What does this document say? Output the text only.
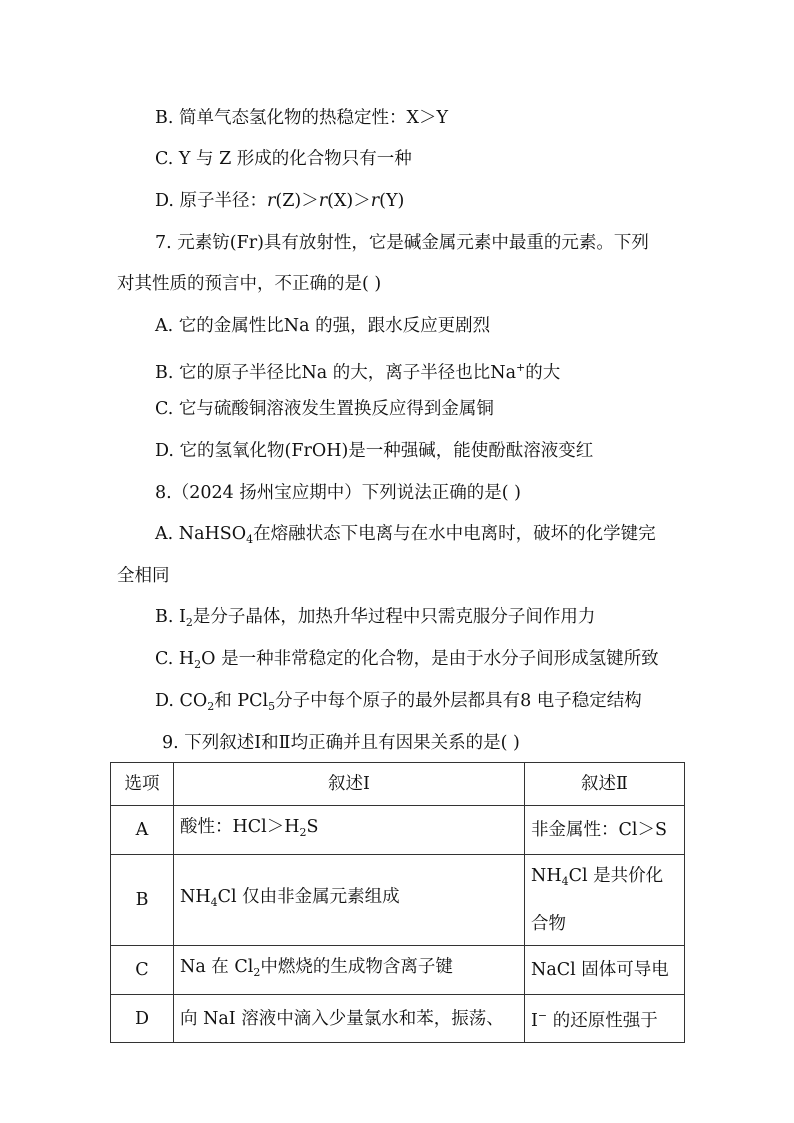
B. 简单气态氢化物的热稳定性：X＞Y
C. Y 与 Z 形成的化合物只有一种
D. 原子半径：r(Z)＞r(X)＞r(Y)
7. 元素钫(Fr)具有放射性，它是碱金属元素中最重的元素。下列
对其性质的预言中，不正确的是( )
A. 它的金属性比Na 的强，跟水反应更剧烈
B. 它的原子半径比Na 的大，离子半径也比Na+的大
C. 它与硫酸铜溶液发生置换反应得到金属铜
D. 它的氢氧化物(FrOH)是一种强碱，能使酚酞溶液变红
8.（2024 扬州宝应期中）下列说法正确的是( )
A. NaHSO$_4$在熔融状态下电离与在水中电离时，破坏的化学键完
全相同
B. $I_2$是分子晶体，加热升华过程中只需克服分子间作用力
C. $H_2O$ 是一种非常稳定的化合物，是由于水分子间形成氢键所致
D. $CO_2$和 PCl$_5$分子中每个原子的最外层都具有8 电子稳定结构
9. 下列叙述Ⅰ和Ⅱ均正确并且有因果关系的是( )
选项	叙述Ⅰ	叙述Ⅱ
A	酸性：$HCl>H_2S$	非金属性：Cl＞S
B	$NH_4Cl$ 仅由非金属元素组成	$NH_4Cl$ 是共价化
合物

C	Na 在 $Cl_2$中燃烧的生成物含离子键	NaCl 固体可导电
D	向 NaI 溶液中滴入少量氯水和苯，振荡、	I− 的还原性强于
